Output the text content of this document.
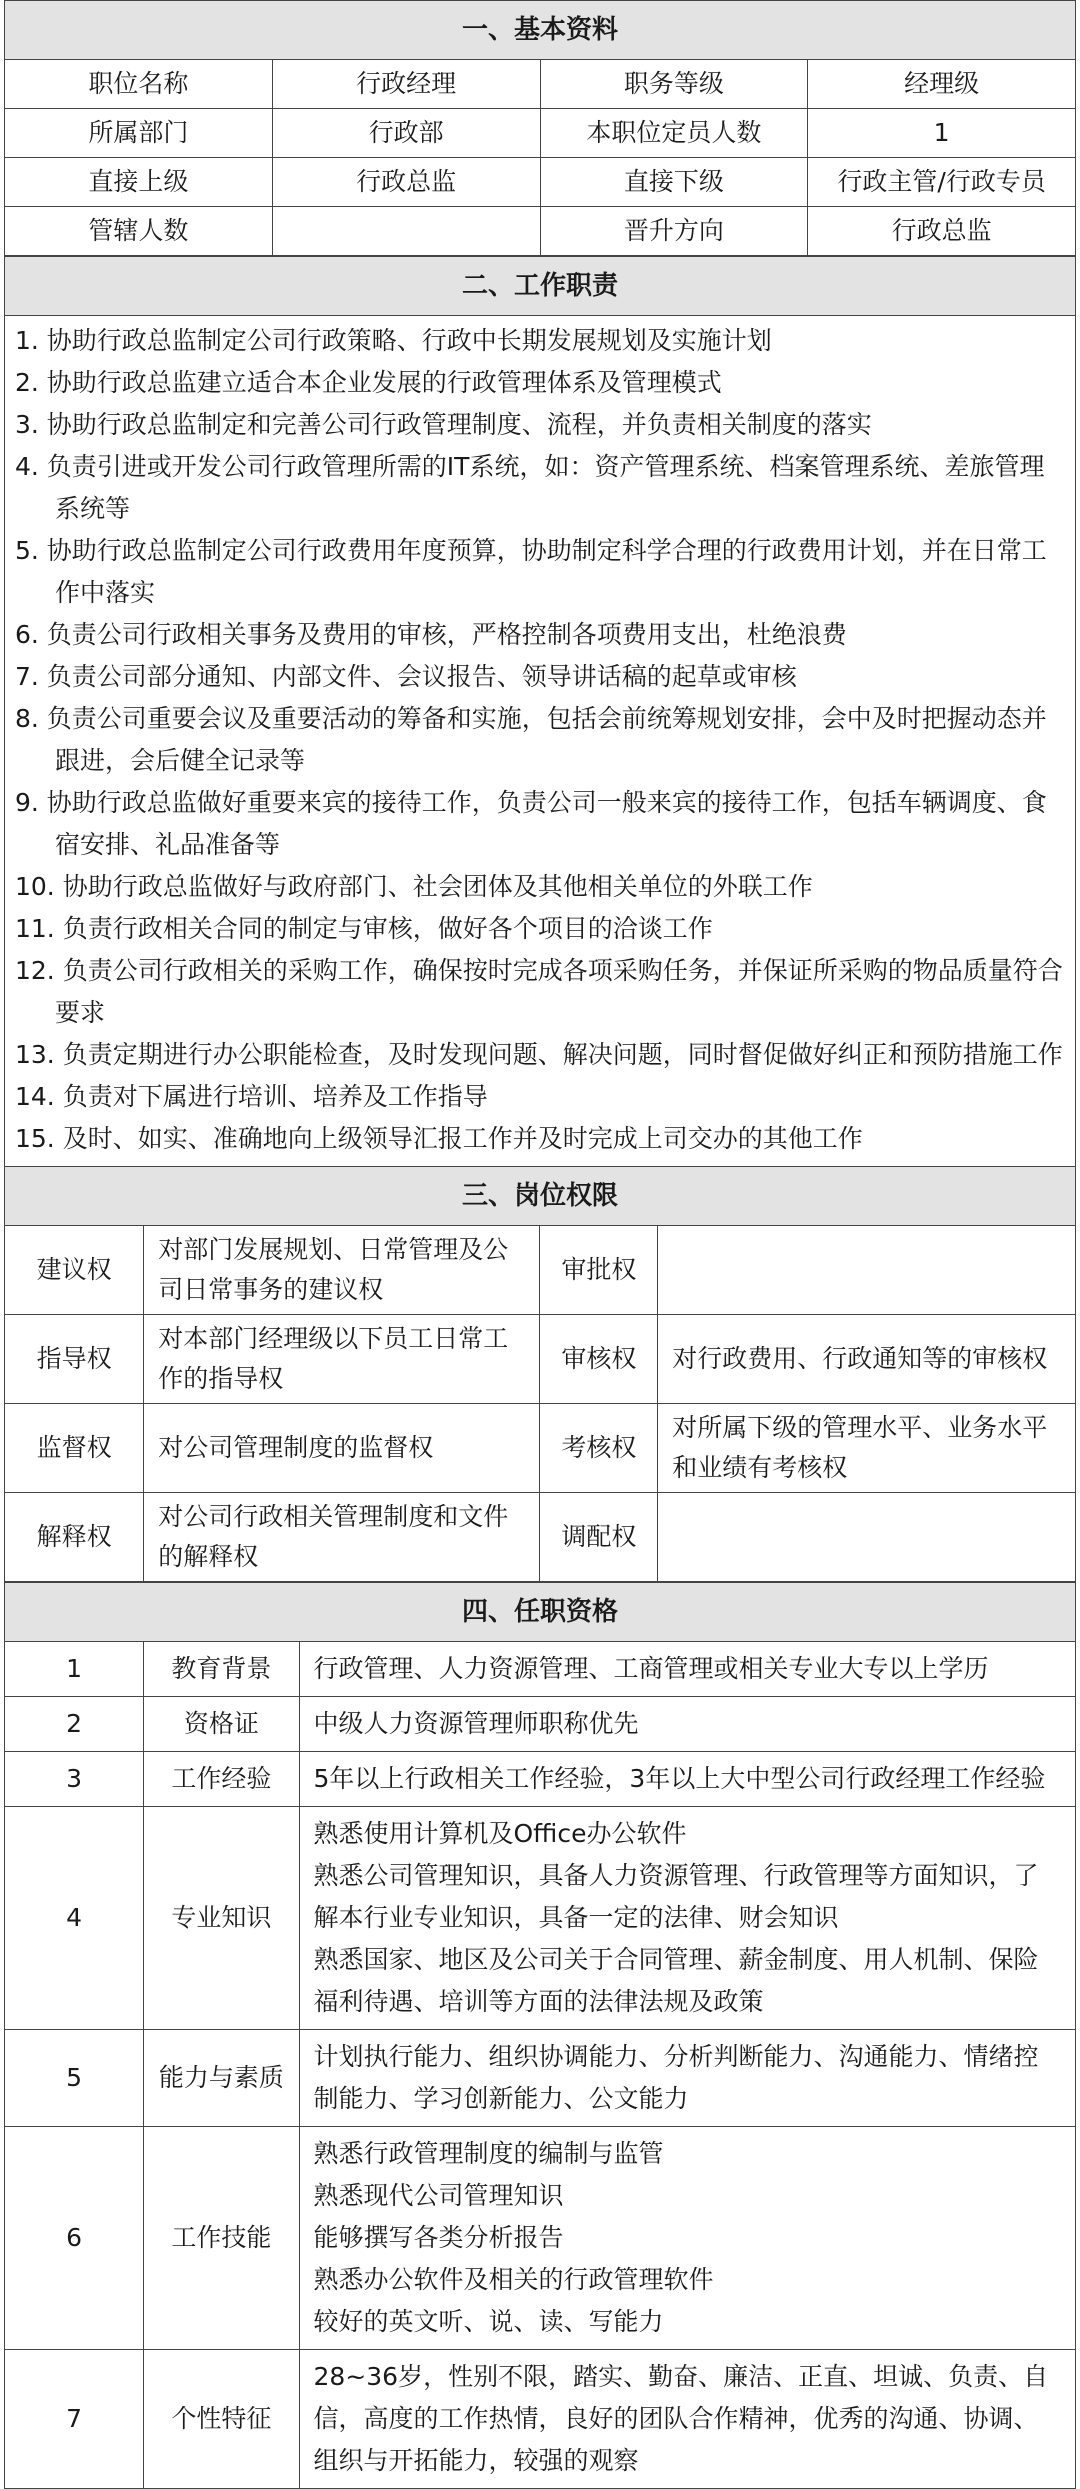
一、基本资料
职位名称	行政经理	职务等级	经理级
所属部门	行政部	本职位定员人数	1
直接上级	行政总监	直接下级	行政主管/行政专员
管辖人数		晋升方向	行政总监
二、工作职责
1. 协助行政总监制定公司行政策略、行政中长期发展规划及实施计划
2. 协助行政总监建立适合本企业发展的行政管理体系及管理模式
3. 协助行政总监制定和完善公司行政管理制度、流程，并负责相关制度的落实
4. 负责引进或开发公司行政管理所需的IT系统，如：资产管理系统、档案管理系统、差旅管理系统等
5. 协助行政总监制定公司行政费用年度预算，协助制定科学合理的行政费用计划，并在日常工作中落实
6. 负责公司行政相关事务及费用的审核，严格控制各项费用支出，杜绝浪费
7. 负责公司部分通知、内部文件、会议报告、领导讲话稿的起草或审核
8. 负责公司重要会议及重要活动的筹备和实施，包括会前统筹规划安排，会中及时把握动态并跟进，会后健全记录等
9. 协助行政总监做好重要来宾的接待工作，负责公司一般来宾的接待工作，包括车辆调度、食宿安排、礼品准备等
10. 协助行政总监做好与政府部门、社会团体及其他相关单位的外联工作
11. 负责行政相关合同的制定与审核，做好各个项目的洽谈工作
12. 负责公司行政相关的采购工作，确保按时完成各项采购任务，并保证所采购的物品质量符合要求
13. 负责定期进行办公职能检查，及时发现问题、解决问题，同时督促做好纠正和预防措施工作
14. 负责对下属进行培训、培养及工作指导
15. 及时、如实、准确地向上级领导汇报工作并及时完成上司交办的其他工作
三、岗位权限
建议权	对部门发展规划、日常管理及公司日常事务的建议权	审批权	
指导权	对本部门经理级以下员工日常工作的指导权	审核权	对行政费用、行政通知等的审核权
监督权	对公司管理制度的监督权	考核权	对所属下级的管理水平、业务水平和业绩有考核权
解释权	对公司行政相关管理制度和文件的解释权	调配权	
四、任职资格
1	教育背景	行政管理、人力资源管理、工商管理或相关专业大专以上学历

2	资格证	中级人力资源管理师职称优先

3	工作经验	5年以上行政相关工作经验，3年以上大中型公司行政经理工作经验

4	专业知识	熟悉使用计算机及Office办公软件
熟悉公司管理知识，具备人力资源管理、行政管理等方面知识，了解本行业专业知识，具备一定的法律、财会知识
熟悉国家、地区及公司关于合同管理、薪金制度、用人机制、保险福利待遇、培训等方面的法律法规及政策

5	能力与素质	计划执行能力、组织协调能力、分析判断能力、沟通能力、情绪控制能力、学习创新能力、公文能力

6	工作技能	熟悉行政管理制度的编制与监管
熟悉现代公司管理知识
能够撰写各类分析报告
熟悉办公软件及相关的行政管理软件
较好的英文听、说、读、写能力

7	个性特征	28~36岁，性别不限，踏实、勤奋、廉洁、正直、坦诚、负责、自信，高度的工作热情，良好的团队合作精神，优秀的沟通、协调、组织与开拓能力，较强的观察
